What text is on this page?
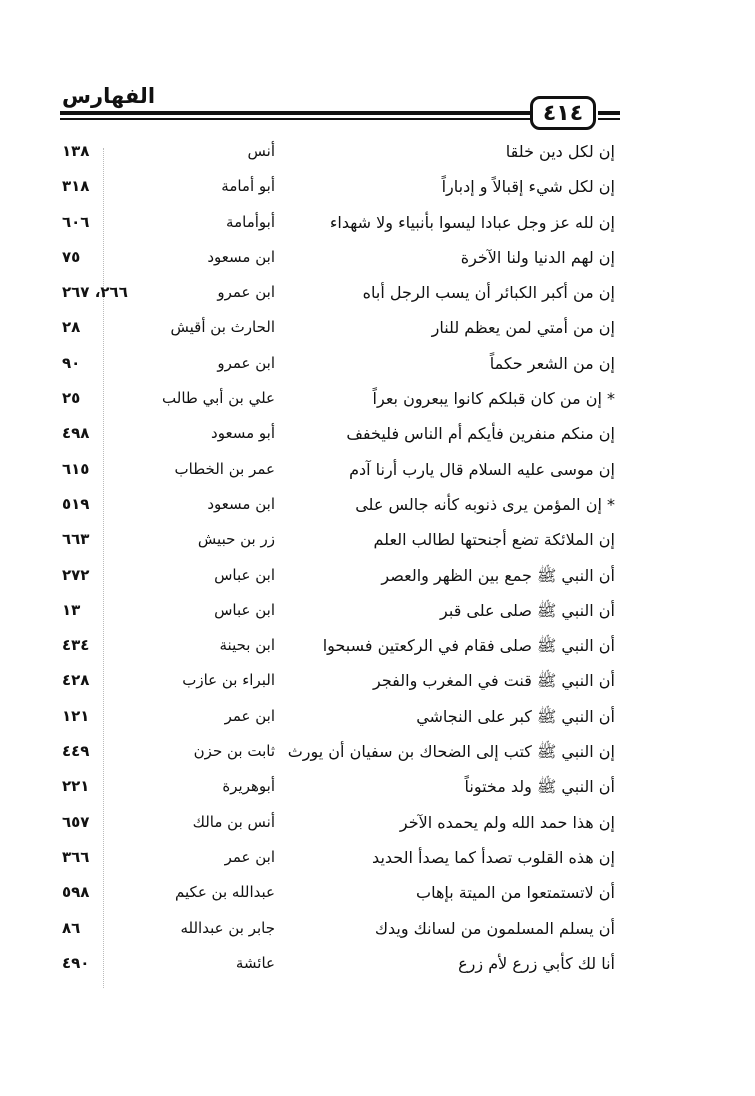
الفهارس
٤١٤
إن لكل دين خلقا
أنس
١٣٨
إن لكل شيء إقبالاً و إدباراً
أبو أمامة
٣١٨
إن لله عز وجل عبادا ليسوا بأنبياء ولا شهداء
أبوأمامة
٦٠٦
إن لهم الدنيا ولنا الآخرة
ابن مسعود
٧٥
إن من أكبر الكبائر أن يسب الرجل أباه
ابن عمرو
٢٦٦، ٢٦٧
إن من أمتي لمن يعظم للنار
الحارث بن أقيش
٢٨
إن من الشعر حكماً
ابن عمرو
٩٠
* إن من كان قبلكم كانوا يبعرون بعراً
علي بن أبي طالب
٢٥
إن منكم منفرين فأيكم أم الناس فليخفف
أبو مسعود
٤٩٨
إن موسى عليه السلام قال يارب أرنا آدم
عمر بن الخطاب
٦١٥
* إن المؤمن يرى ذنوبه كأنه جالس على
ابن مسعود
٥١٩
إن الملائكة تضع أجنحتها لطالب العلم
زر بن حبيش
٦٦٣
أن النبي ﷺ جمع بين الظهر والعصر
ابن عباس
٢٧٢
أن النبي ﷺ صلى على قبر
ابن عباس
١٣
أن النبي ﷺ صلى فقام في الركعتين فسبحوا
ابن بحينة
٤٣٤
أن النبي ﷺ قنت في المغرب والفجر
البراء بن عازب
٤٢٨
أن النبي ﷺ كبر على النجاشي
ابن عمر
١٢١
إن النبي ﷺ كتب إلى الضحاك بن سفيان أن يورث
ثابت بن حزن
٤٤٩
أن النبي ﷺ ولد مختوناً
أبوهريرة
٢٢١
إن هذا حمد الله ولم يحمده الآخر
أنس بن مالك
٦٥٧
إن هذه القلوب تصدأ كما يصدأ الحديد
ابن عمر
٣٦٦
أن لاتستمتعوا من الميتة بإهاب
عبدالله بن عكيم
٥٩٨
أن يسلم المسلمون من لسانك ويدك
جابر بن عبدالله
٨٦
أنا لك كأبي زرع لأم زرع
عائشة
٤٩٠
